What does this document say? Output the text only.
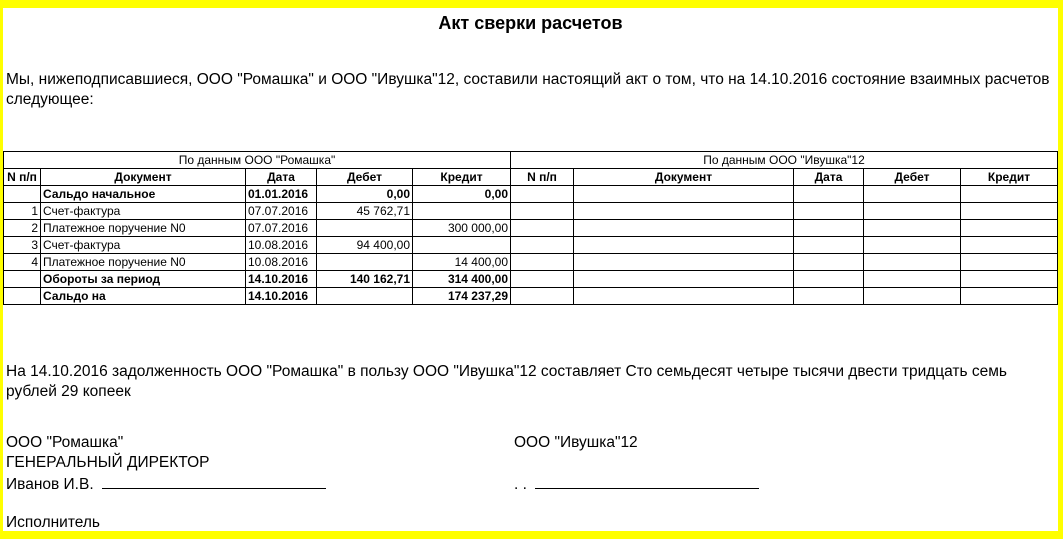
Акт сверки расчетов
Мы, нижеподписавшиеся, ООО "Ромашка" и ООО "Ивушка"12, составили настоящий акт о том, что на 14.10.2016 состояние взаимных расчетов следующее:
По данным ООО "Ромашка"					По данным ООО "Ивушка"12				
N п/п	Документ	Дата	Дебет	Кредит	N п/п	Документ	Дата	Дебет	Кредит
	Сальдо начальное	01.01.2016	0,00	0,00					
1	Счет-фактура	07.07.2016	45 762,71						
2	Платежное поручение N0	07.07.2016		300 000,00					
3	Счет-фактура	10.08.2016	94 400,00						
4	Платежное поручение N0	10.08.2016		14 400,00					
	Обороты за период	14.10.2016	140 162,71	314 400,00					
	Сальдо на	14.10.2016		174 237,29					
На 14.10.2016 задолженность ООО "Ромашка" в пользу ООО "Ивушка"12 составляет Сто семьдесят четыре тысячи двести тридцать семь рублей 29 копеек
ООО "Ромашка"
ГЕНЕРАЛЬНЫЙ ДИРЕКТОР
Иванов И.В.
ООО "Ивушка"12
. .
Исполнитель
